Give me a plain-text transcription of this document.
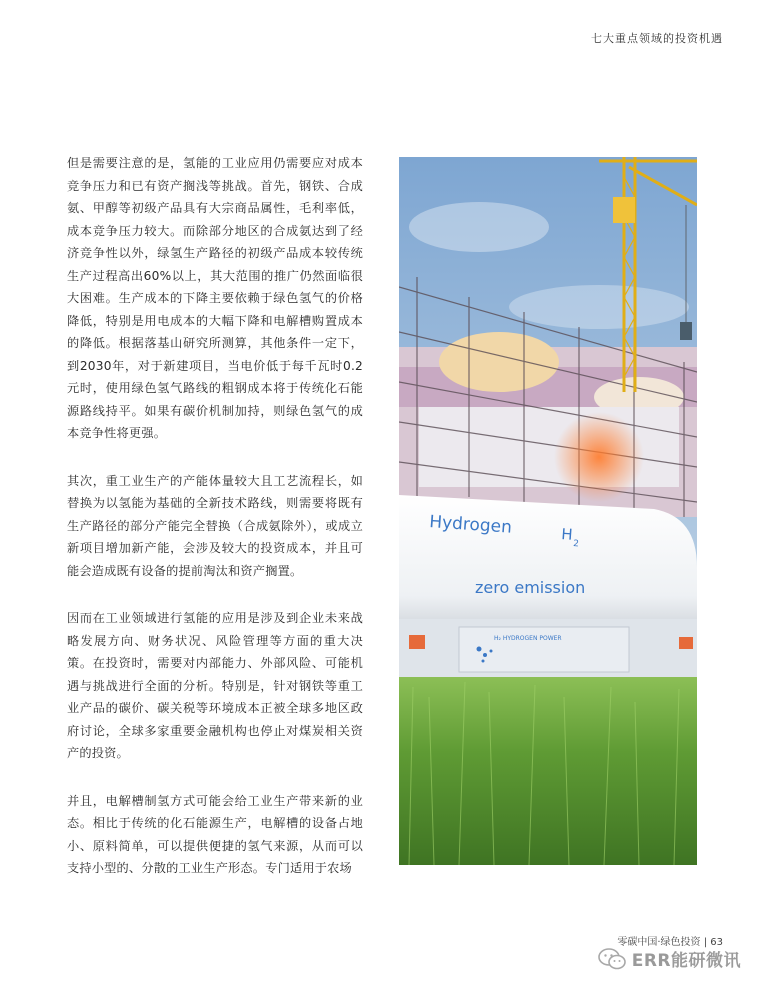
七大重点领域的投资机遇

但是需要注意的是，氢能的工业应用仍需要应对成本竞争压力和已有资产搁浅等挑战。首先，钢铁、合成氨、甲醇等初级产品具有大宗商品属性，毛利率低，成本竞争压力较大。而除部分地区的合成氨达到了经济竞争性以外，绿氢生产路径的初级产品成本较传统生产过程高出60%以上，其大范围的推广仍然面临很大困难。生产成本的下降主要依赖于绿色氢气的价格降低，特别是用电成本的大幅下降和电解槽购置成本的降低。根据落基山研究所测算，其他条件一定下，到2030年，对于新建项目，当电价低于每千瓦时0.2元时，使用绿色氢气路线的粗钢成本将于传统化石能源路线持平。如果有碳价机制加持，则绿色氢气的成本竞争性将更强。

其次，重工业生产的产能体量较大且工艺流程长，如替换为以氢能为基础的全新技术路线，则需要将既有生产路径的部分产能完全替换（合成氨除外），或成立新项目增加新产能，会涉及较大的投资成本，并且可能会造成既有设备的提前淘汰和资产搁置。

因而在工业领域进行氢能的应用是涉及到企业未来战略发展方向、财务状况、风险管理等方面的重大决策。在投资时，需要对内部能力、外部风险、可能机遇与挑战进行全面的分析。特别是，针对钢铁等重工业产品的碳价、碳关税等环境成本正被全球多地区政府讨论，全球多家重要金融机构也停止对煤炭相关资产的投资。

并且，电解槽制氢方式可能会给工业生产带来新的业态。相比于传统的化石能源生产，电解槽的设备占地小、原料简单，可以提供便捷的氢气来源，从而可以支持小型的、分散的工业生产形态。专门适用于农场

Hydrogen	H
2
zero emission
H₂ HYDROGEN POWER
零碳中国·绿色投资 | 63
ERR能研微讯
